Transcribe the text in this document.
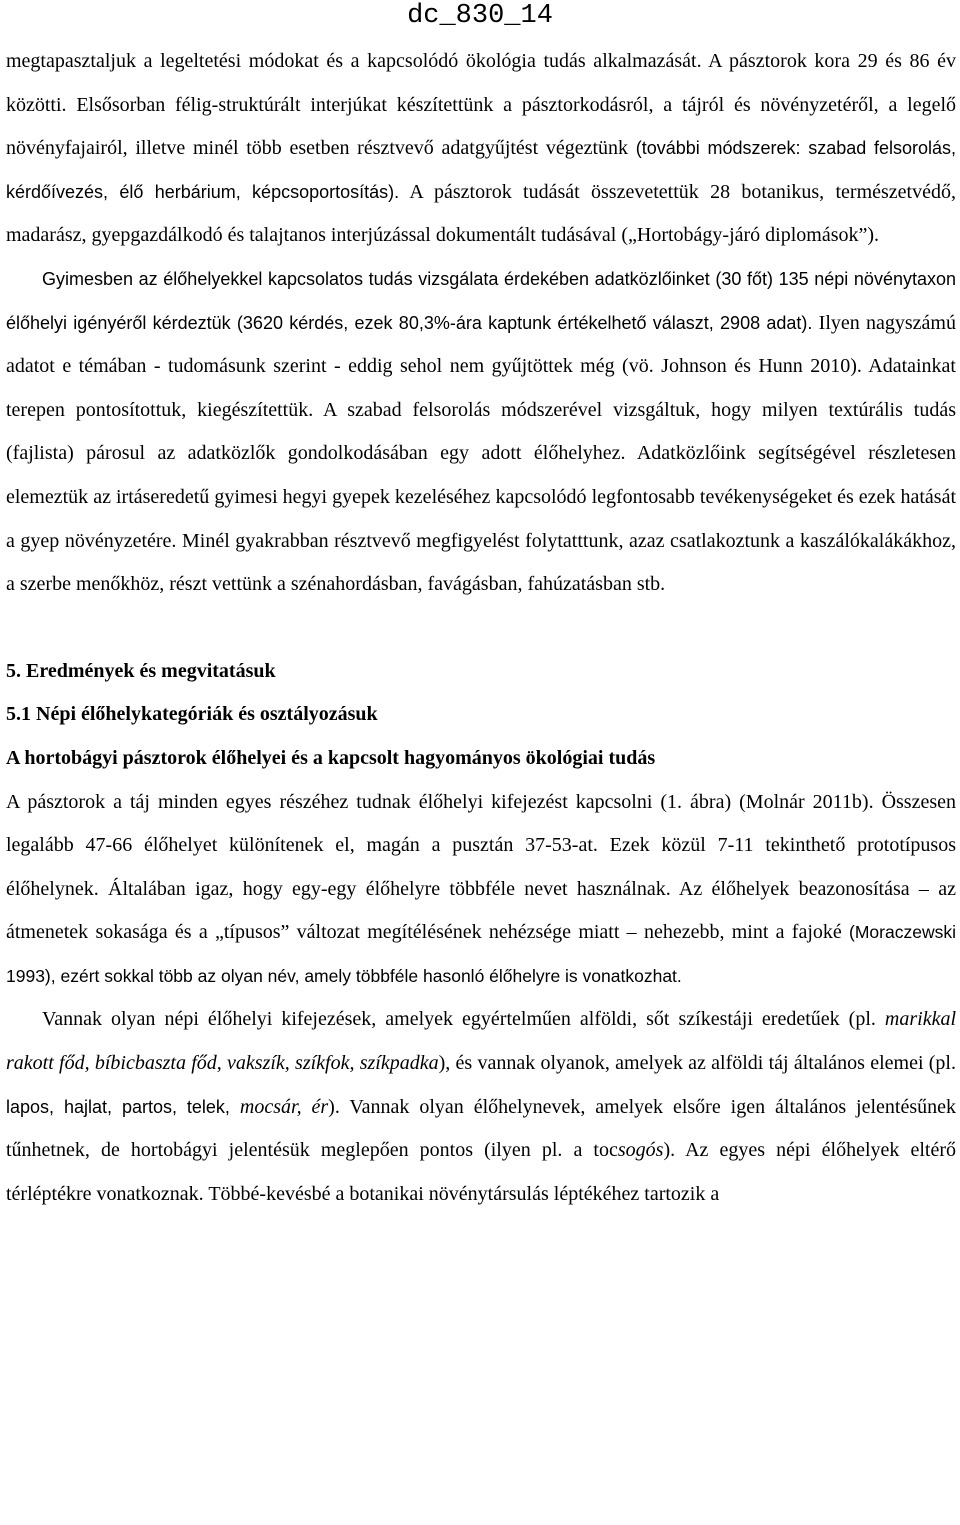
dc_830_14

megtapasztaljuk a legeltetési módokat és a kapcsolódó ökológia tudás alkalmazását. A pásztorok kora 29 és 86 év közötti. Elsősorban félig-struktúrált interjúkat készítettünk a pásztorkodásról, a tájról és növényzetéről, a legelő növényfajairól, illetve minél több esetben résztvevő adatgyűjtést végeztünk (további módszerek: szabad felsorolás, kérdőívezés, élő herbárium, képcsoportosítás). A pásztorok tudását összevetettük 28 botanikus, természetvédő, madarász, gyepgazdálkodó és talajtanos interjúzással dokumentált tudásával („Hortobágy-járó diplomások”).

Gyimesben az élőhelyekkel kapcsolatos tudás vizsgálata érdekében adatközlőinket (30 főt) 135 népi növénytaxon élőhelyi igényéről kérdeztük (3620 kérdés, ezek 80,3%-ára kaptunk értékelhető választ, 2908 adat). Ilyen nagyszámú adatot e témában - tudomásunk szerint - eddig sehol nem gyűjtöttek még (vö. Johnson és Hunn 2010). Adatainkat terepen pontosítottuk, kiegészítettük. A szabad felsorolás módszerével vizsgáltuk, hogy milyen textúrális tudás (fajlista) párosul az adatközlők gondolkodásában egy adott élőhelyhez. Adatközlőink segítségével részletesen elemeztük az irtáseredetű gyimesi hegyi gyepek kezeléséhez kapcsolódó legfontosabb tevékenységeket és ezek hatását a gyep növényzetére. Minél gyakrabban résztvevő megfigyelést folytatttunk, azaz csatlakoztunk a kaszálókalákákhoz, a szerbe menőkhöz, részt vettünk a szénahordásban, favágásban, fahúzatásban stb.

5. Eredmények és megvitatásuk
5.1 Népi élőhelykategóriák és osztályozásuk
A hortobágyi pásztorok élőhelyei és a kapcsolt hagyományos ökológiai tudás

A pásztorok a táj minden egyes részéhez tudnak élőhelyi kifejezést kapcsolni (1. ábra) (Molnár 2011b). Összesen legalább 47-66 élőhelyet különítenek el, magán a pusztán 37-53-at. Ezek közül 7-11 tekinthető prototípusos élőhelynek. Általában igaz, hogy egy-egy élőhelyre többféle nevet használnak. Az élőhelyek beazonosítása – az átmenetek sokasága és a „típusos” változat megítélésének nehézsége miatt – nehezebb, mint a fajoké (Moraczewski 1993), ezért sokkal több az olyan név, amely többféle hasonló élőhelyre is vonatkozhat.

Vannak olyan népi élőhelyi kifejezések, amelyek egyértelműen alföldi, sőt szíkestáji eredetűek (pl. marikkal rakott főd, bíbicbaszta főd, vakszík, szíkfok, szíkpadka), és vannak olyanok, amelyek az alföldi táj általános elemei (pl. lapos, hajlat, partos, telek, mocsár, ér). Vannak olyan élőhelynevek, amelyek elsőre igen általános jelentésűnek tűnhetnek, de hortobágyi jelentésük meglepően pontos (ilyen pl. a tocsogós). Az egyes népi élőhelyek eltérő térléptékre vonatkoznak. Többé-kevésbé a botanikai növénytársulás léptékéhez tartozik a
